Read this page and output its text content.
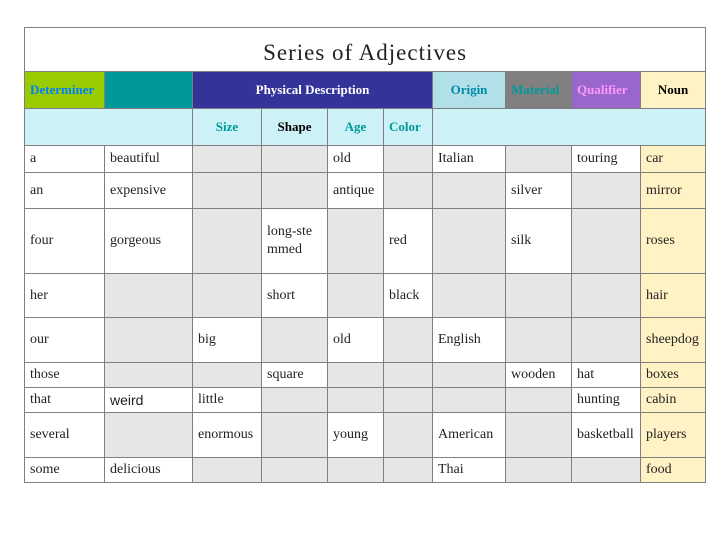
Series of Adjectives									
Determiner		Physical Description				Origin	Material	Qualifier	Noun
		Size	Shape	Age	Color				
a	beautiful			old		Italian		touring	car
an	expensive			antique			silver		mirror
four	gorgeous		long-stemmed		red		silk		roses
her			short		black				hair
our		big		old		English			sheepdog
those			square				wooden	hat	boxes
that	weird	little						hunting	cabin
several		enormous		young		American		basketball	players
some	delicious					Thai			food
